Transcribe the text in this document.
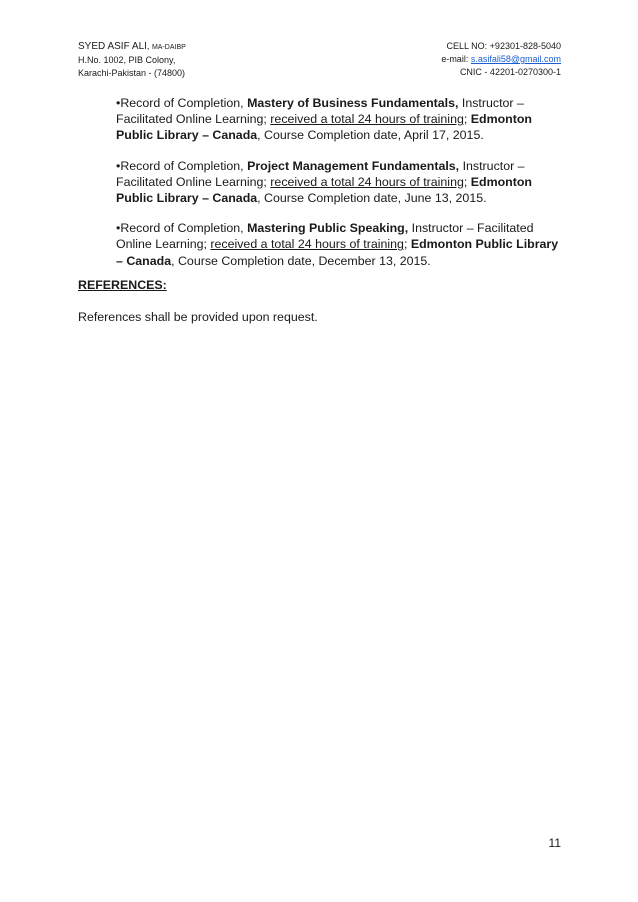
SYED ASIF ALI, MA-DAIBP
H.No. 1002, PIB Colony,
Karachi-Pakistan - (74800)
CELL NO: +92301-828-5040
e-mail: s.asifali58@gmail.com
CNIC - 42201-0270300-1

•Record of Completion, Mastery of Business Fundamentals, Instructor – Facilitated Online Learning; received a total 24 hours of training; Edmonton Public Library – Canada, Course Completion date, April 17, 2015.

•Record of Completion, Project Management Fundamentals, Instructor – Facilitated Online Learning; received a total 24 hours of training; Edmonton Public Library – Canada, Course Completion date, June 13, 2015.

•Record of Completion, Mastering Public Speaking, Instructor – Facilitated Online Learning; received a total 24 hours of training; Edmonton Public Library – Canada, Course Completion date, December 13, 2015.

REFERENCES:
References shall be provided upon request.
11
